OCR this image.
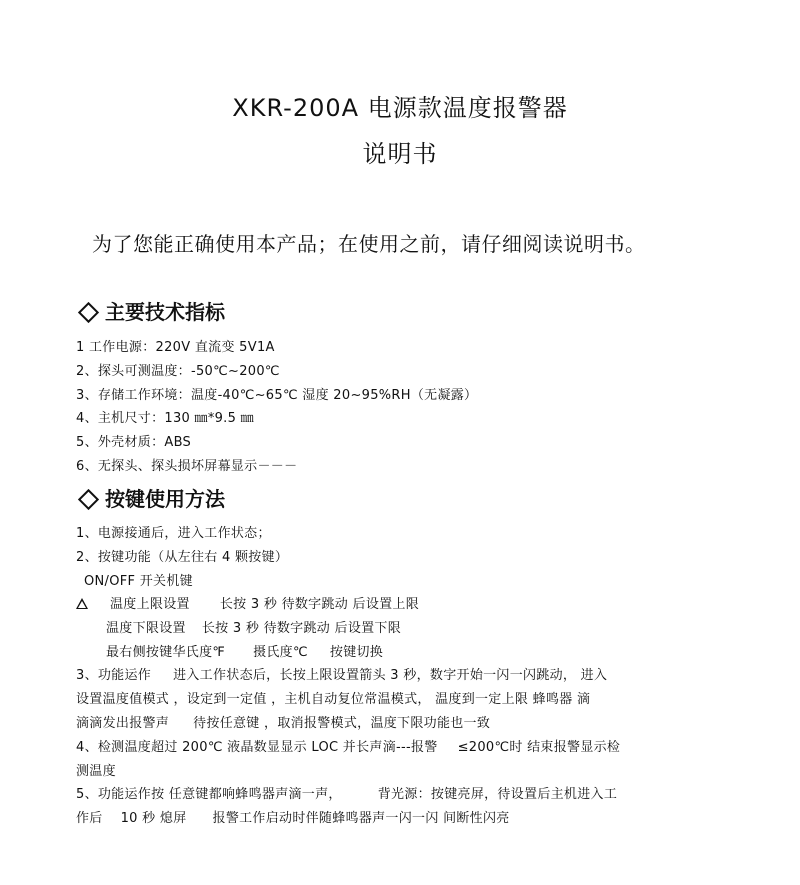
XKR-200A 电源款温度报警器
说明书
为了您能正确使用本产品；在使用之前，请仔细阅读说明书。
主要技术指标
1 工作电源：220V 直流变 5V1A
2、探头可测温度：-50℃~200℃
3、存储工作环境：温度-40℃~65℃ 湿度 20~95%RH（无凝露）
4、主机尺寸：130 ㎜*9.5 ㎜
5、外壳材质：ABS
6、无探头、探头损坏屏幕显示－－－
按键使用方法
1、电源接通后，进入工作状态；
2、按键功能（从左往右 4 颗按键）
ON/OFF 开关机键
温度上限设置 长按 3 秒 待数字跳动 后设置上限
温度下限设置 长按 3 秒 待数字跳动 后设置下限
最右侧按键华氏度℉ 摄氏度℃ 按键切换
3、功能运作 进入工作状态后，长按上限设置箭头 3 秒，数字开始一闪一闪跳动， 进入
设置温度值模式 ，设定到一定值 ，主机自动复位常温模式， 温度到一定上限 蜂鸣器 滴
滴滴发出报警声 待按任意键 ，取消报警模式，温度下限功能也一致
4、检测温度超过 200℃ 液晶数显显示 LOC 并长声滴---报警 ≤200℃时 结束报警显示检
测温度
5、功能运作按 任意键都响蜂鸣器声滴一声，	背光源：按键亮屏，待设置后主机进入工
作后 10 秒 熄屏 报警工作启动时伴随蜂鸣器声一闪一闪 间断性闪亮
